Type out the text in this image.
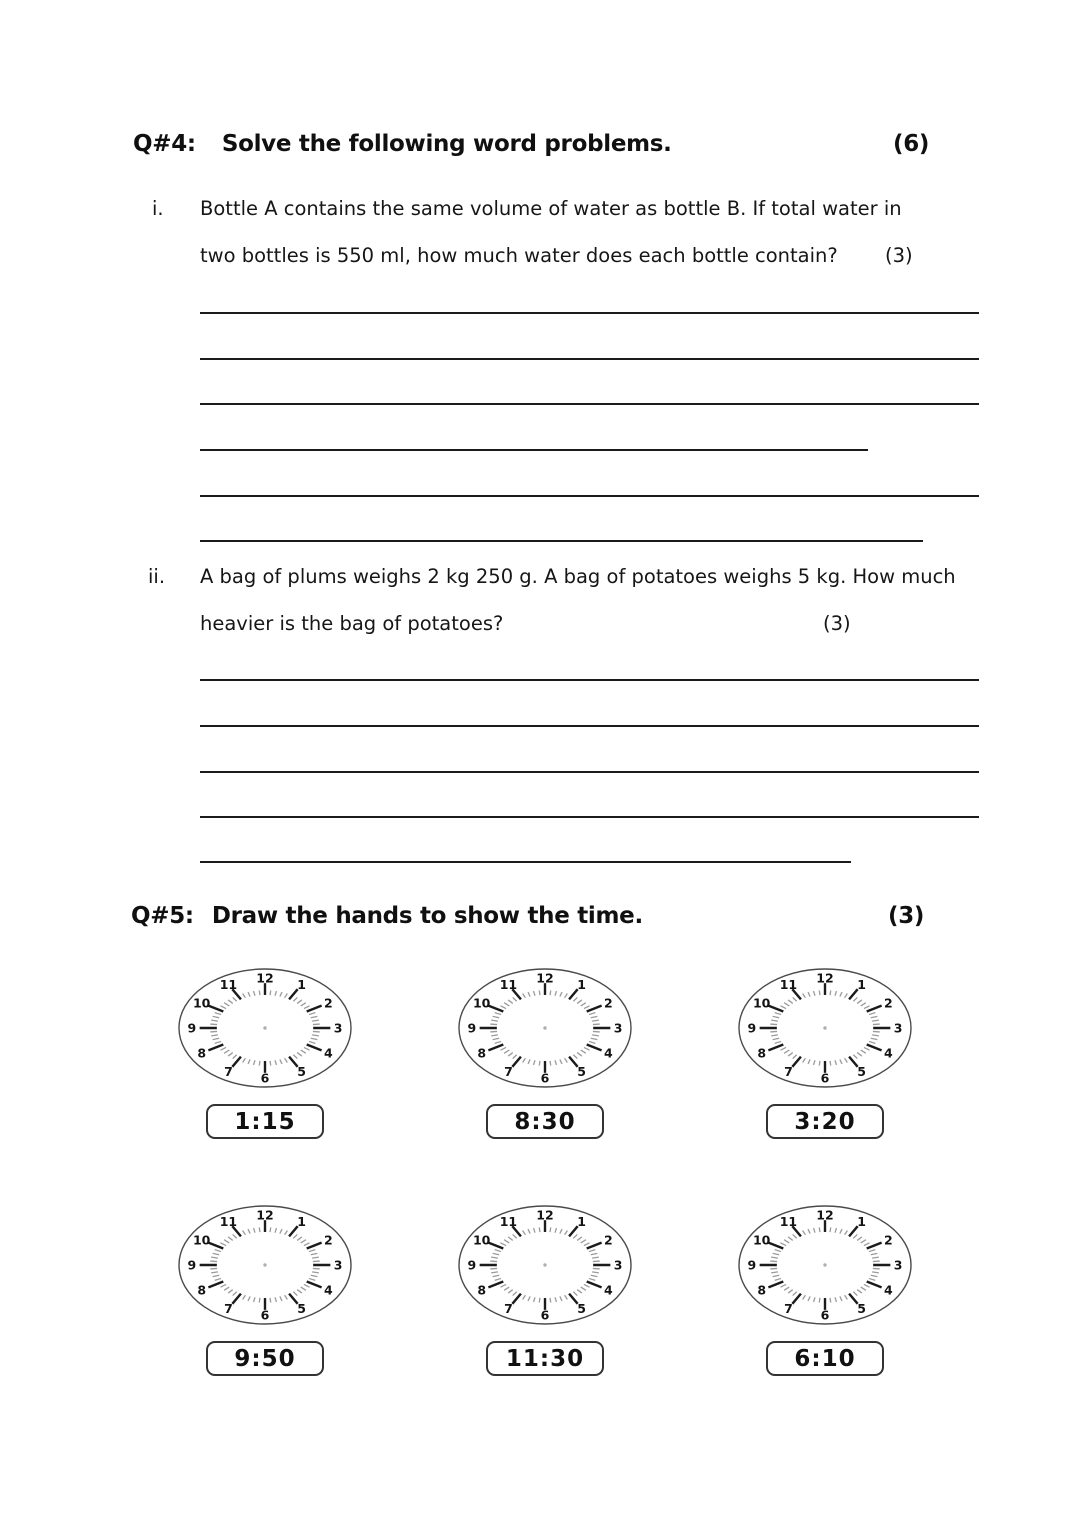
Q#4: Solve the following word problems.	(6)
i. Bottle A contains the same volume of water as bottle B. If total water in
two bottles is 550 ml, how much water does each bottle contain? (3)
ii. A bag of plums weighs 2 kg 250 g. A bag of potatoes weighs 5 kg. How much
heavier is the bag of potatoes?	(3)
Q#5: Draw the hands to show the time.	(3)
12 1
2
3
4
5
6
7
8
9
10
11
1:15
12 1
2
3
4
5
6
7
8
9
10
11
8:30
12 1
2
3
4
5
6
7
8
9
10
11
3:20
12 1
2
3
4
5
6
7
8
9
10
11
9:50
12 1
2
3
4
5
6
7
8
9
10
11
11:30
12 1
2
3
4
5
6
7
8
9
10
11
6:10
